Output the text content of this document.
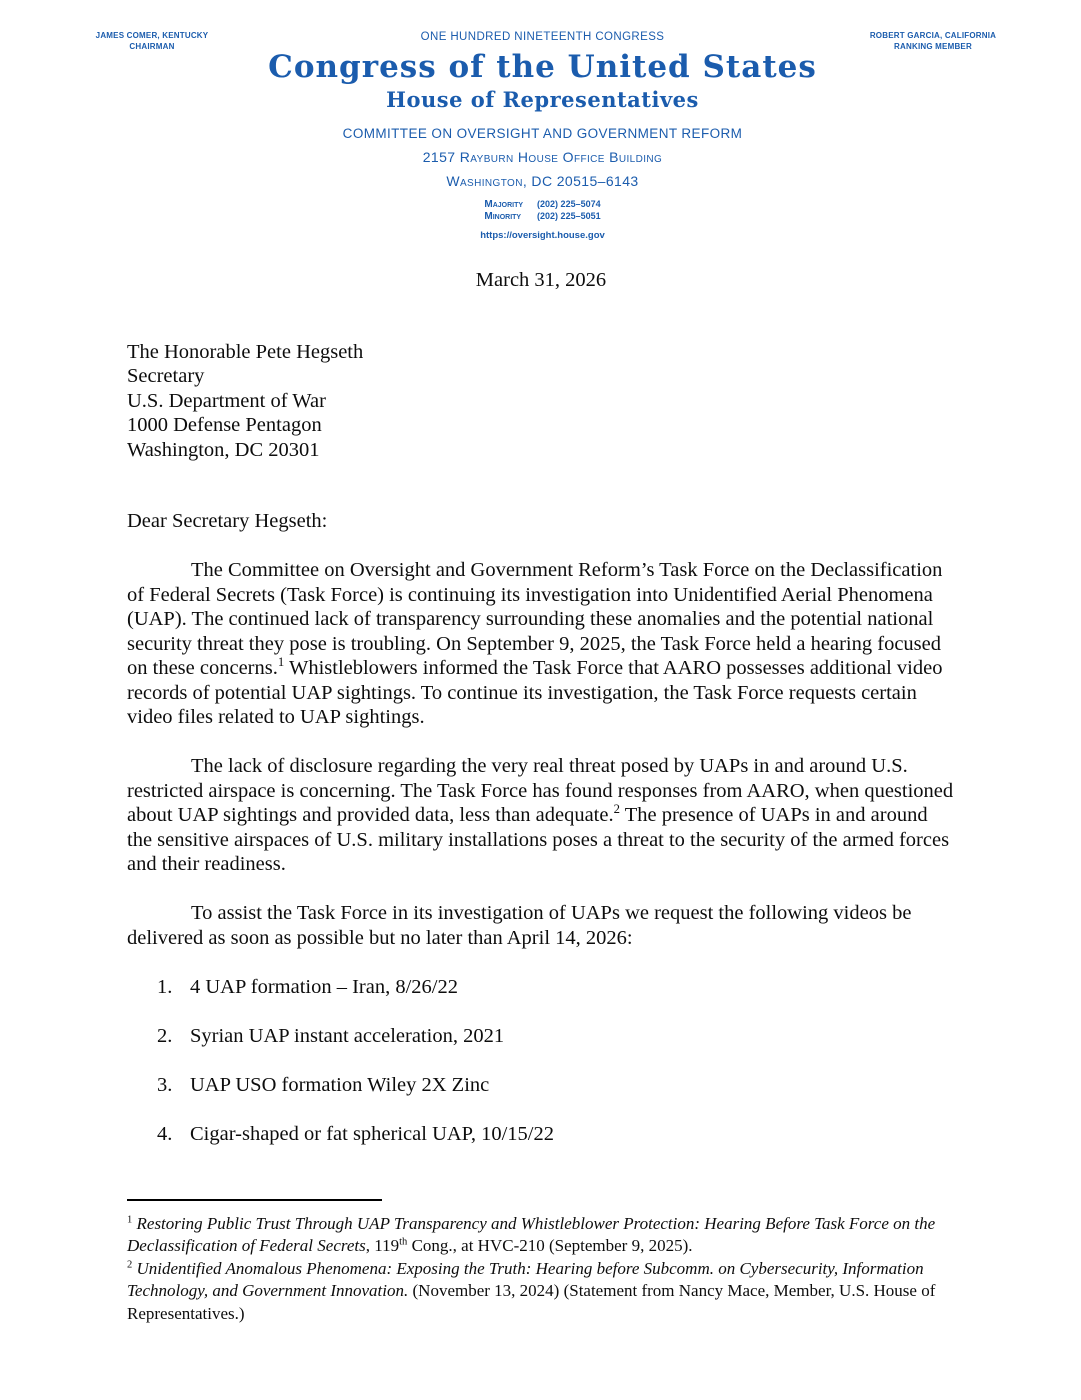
JAMES COMER, KENTUCKY
CHAIRMAN
ONE HUNDRED NINETEENTH CONGRESS
Congress of the United States
House of Representatives
COMMITTEE ON OVERSIGHT AND GOVERNMENT REFORM
2157 Rayburn House Office Building
Washington, DC 20515–6143
Majority (202) 225–5074
Minority (202) 225–5051
https://oversight.house.gov
ROBERT GARCIA, CALIFORNIA
RANKING MEMBER
March 31, 2026
The Honorable Pete Hegseth
Secretary
U.S. Department of War
1000 Defense Pentagon
Washington, DC 20301
Dear Secretary Hegseth:

The Committee on Oversight and Government Reform’s Task Force on the Declassification of Federal Secrets (Task Force) is continuing its investigation into Unidentified Aerial Phenomena (UAP). The continued lack of transparency surrounding these anomalies and the potential national security threat they pose is troubling. On September 9, 2025, the Task Force held a hearing focused on these concerns.$^1$ Whistleblowers informed the Task Force that AARO possesses additional video records of potential UAP sightings. To continue its investigation, the Task Force requests certain video files related to UAP sightings.

The lack of disclosure regarding the very real threat posed by UAPs in and around U.S. restricted airspace is concerning. The Task Force has found responses from AARO, when questioned about UAP sightings and provided data, less than adequate.$^2$ The presence of UAPs in and around the sensitive airspaces of U.S. military installations poses a threat to the security of the armed forces and their readiness.

To assist the Task Force in its investigation of UAPs we request the following videos be delivered as soon as possible but no later than April 14, 2026:

1. 4 UAP formation – Iran, 8/26/22
2. Syrian UAP instant acceleration, 2021
3. UAP USO formation Wiley 2X Zinc
4. Cigar-shaped or fat spherical UAP, 10/15/22

$^1$ Restoring Public Trust Through UAP Transparency and Whistleblower Protection: Hearing Before Task Force on the Declassification of Federal Secrets, 119th Cong., at HVC-210 (September 9, 2025).

$^2$ Unidentified Anomalous Phenomena: Exposing the Truth: Hearing before Subcomm. on Cybersecurity, Information Technology, and Government Innovation. (November 13, 2024) (Statement from Nancy Mace, Member, U.S. House of Representatives.)
